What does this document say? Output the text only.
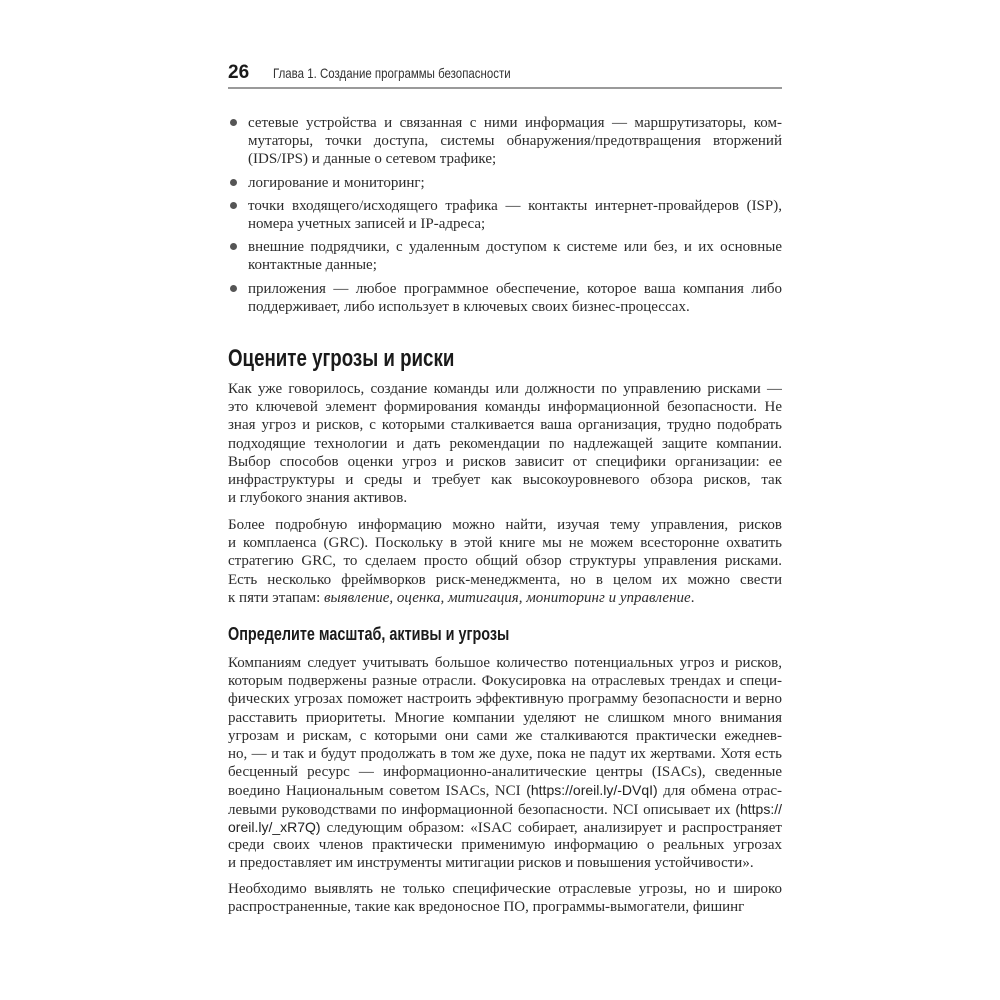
26 Глава 1. Создание программы безопасности
сетевые устройства и связанная с ними информация — маршрутизаторы, ком-
мутаторы, точки доступа, системы обнаружения/предотвращения вторжений
(IDS/IPS) и данные о сетевом трафике;
логирование и мониторинг;
точки входящего/исходящего трафика — контакты интернет-провайдеров (ISP),
номера учетных записей и IP-адреса;
внешние подрядчики, с удаленным доступом к системе или без, и их основные
контактные данные;
приложения — любое программное обеспечение, которое ваша компания либо
поддерживает, либо использует в ключевых своих бизнес-процессах.
Оцените угрозы и риски
Как уже говорилось, создание команды или должности по управлению рисками —
это ключевой элемент формирования команды информационной безопасности. Не
зная угроз и рисков, с которыми сталкивается ваша организация, трудно подобрать
подходящие технологии и дать рекомендации по надлежащей защите компании.
Выбор способов оценки угроз и рисков зависит от специфики организации: ее
инфраструктуры и среды и требует как высокоуровневого обзора рисков, так
и глубокого знания активов.
Более подробную информацию можно найти, изучая тему управления, рисков
и комплаенса (GRC). Поскольку в этой книге мы не можем всесторонне охватить
стратегию GRC, то сделаем просто общий обзор структуры управления рисками.
Есть несколько фреймворков риск-менеджмента, но в целом их можно свести
к пяти этапам: выявление, оценка, митигация, мониторинг и управление.
Определите масштаб, активы и угрозы
Компаниям следует учитывать большое количество потенциальных угроз и рисков,
которым подвержены разные отрасли. Фокусировка на отраслевых трендах и специ-
фических угрозах поможет настроить эффективную программу безопасности и верно
расставить приоритеты. Многие компании уделяют не слишком много внимания
угрозам и рискам, с которыми они сами же сталкиваются практически ежеднев-
но, — и так и будут продолжать в том же духе, пока не падут их жертвами. Хотя есть
бесценный ресурс — информационно-аналитические центры (ISACs), сведенные
воедино Национальным советом ISACs, NCI (https://oreil.ly/-DVqI) для обмена отрас-
левыми руководствами по информационной безопасности. NCI описывает их (https://
oreil.ly/_xR7Q) следующим образом: «ISAC собирает, анализирует и распространяет
среди своих членов практически применимую информацию о реальных угрозах
и предоставляет им инструменты митигации рисков и повышения устойчивости».
Необходимо выявлять не только специфические отраслевые угрозы, но и широко
распространенные, такие как вредоносное ПО, программы-вымогатели, фишинг
